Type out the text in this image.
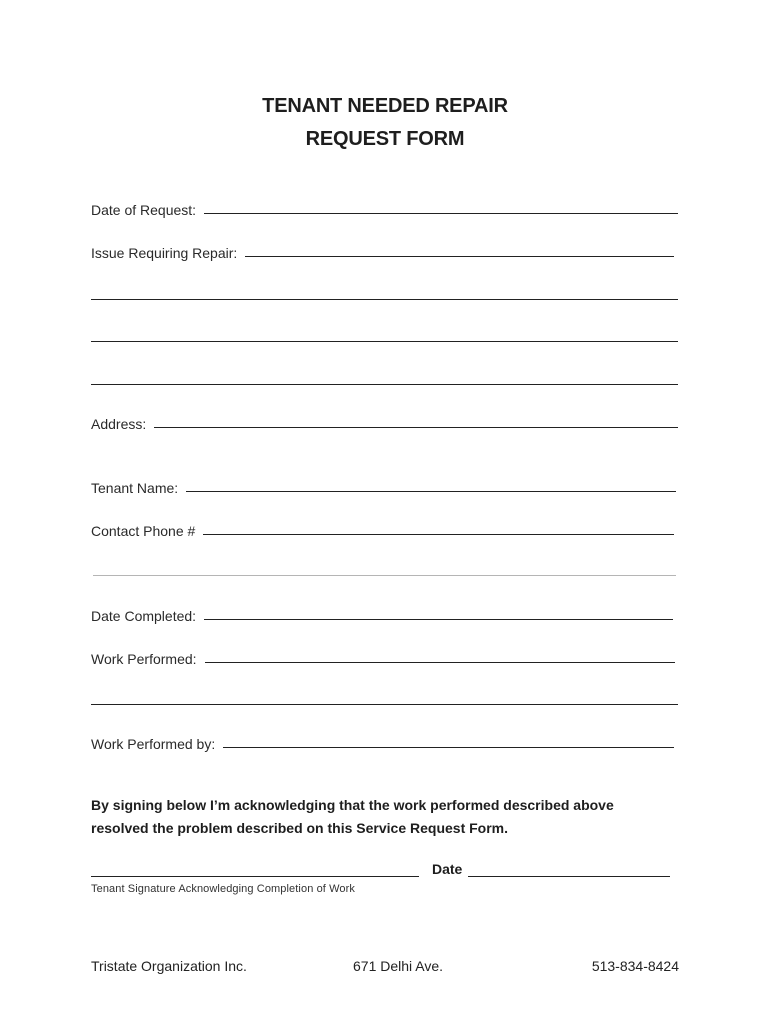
TENANT NEEDED REPAIR
REQUEST FORM
Date of Request:
Issue Requiring Repair:
Address:
Tenant Name:
Contact Phone #
Date Completed:
Work Performed:
Work Performed by:
By signing below I’m acknowledging that the work performed described above
resolved the problem described on this Service Request Form.
Date
Tenant Signature Acknowledging Completion of Work
Tristate Organization Inc.	671 Delhi Ave.	513-834-8424
